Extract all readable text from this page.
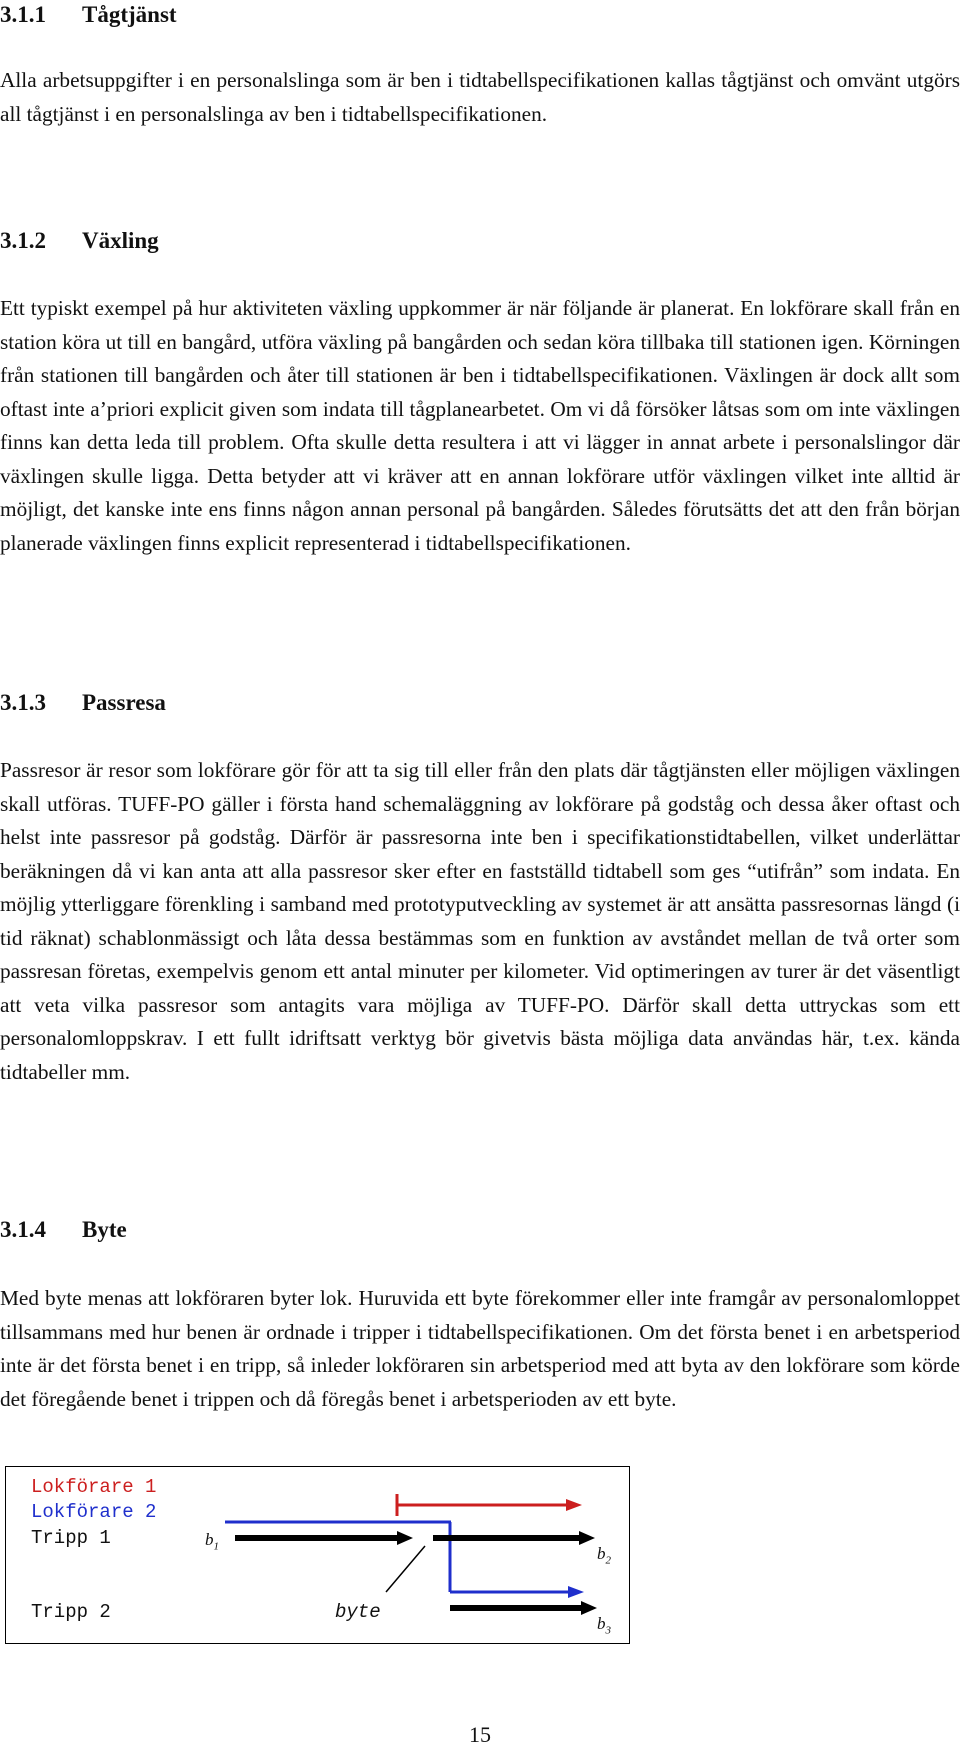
3.1.1 Tågtjänst

Alla arbetsuppgifter i en personalslinga som är ben i tidtabellspecifikationen kallas tågtjänst och omvänt utgörs all tågtjänst i en personalslinga av ben i tidtabellspecifikationen.

3.1.2 Växling

Ett typiskt exempel på hur aktiviteten växling uppkommer är när följande är planerat. En lokförare skall från en station köra ut till en bangård, utföra växling på bangården och sedan köra tillbaka till stationen igen. Körningen från stationen till bangården och åter till stationen är ben i tidtabellspecifikationen. Växlingen är dock allt som oftast inte a’priori explicit given som indata till tågplanearbetet. Om vi då försöker låtsas som om inte växlingen finns kan detta leda till problem. Ofta skulle detta resultera i att vi lägger in annat arbete i personalslingor där växlingen skulle ligga. Detta betyder att vi kräver att en annan lokförare utför växlingen vilket inte alltid är möjligt, det kanske inte ens finns någon annan personal på bangården. Således förutsätts det att den från början planerade växlingen finns explicit representerad i tidtabellspecifikationen.

3.1.3 Passresa

Passresor är resor som lokförare gör för att ta sig till eller från den plats där tågtjänsten eller möjligen växlingen skall utföras. TUFF-PO gäller i första hand schemaläggning av lokförare på godståg och dessa åker oftast och helst inte passresor på godståg. Därför är passresorna inte ben i specifikationstidtabellen, vilket underlättar beräkningen då vi kan anta att alla passresor sker efter en fastställd tidtabell som ges “utifrån” som indata. En möjlig ytterliggare förenkling i samband med prototyputveckling av systemet är att ansätta passresornas längd (i tid räknat) schablonmässigt och låta dessa bestämmas som en funktion av avståndet mellan de två orter som passresan företas, exempelvis genom ett antal minuter per kilometer. Vid optimeringen av turer är det väsentligt att veta vilka passresor som antagits vara möjliga av TUFF-PO. Därför skall detta uttryckas som ett personalomloppskrav. I ett fullt idriftsatt verktyg bör givetvis bästa möjliga data användas här, t.ex. kända tidtabeller mm.

3.1.4 Byte

Med byte menas att lokföraren byter lok. Huruvida ett byte förekommer eller inte framgår av personalomloppet tillsammans med hur benen är ordnade i tripper i tidtabellspecifikationen. Om det första benet i en arbetsperiod inte är det första benet i en tripp, så inleder lokföraren sin arbetsperiod med att byta av den lokförare som körde det föregående benet i trippen och då föregås benet i arbetsperioden av ett byte.

Lokförare 1
Lokförare 2
Tripp 1
Tripp 2	byte
$b_1$	$b_2$
$b_3$
15
